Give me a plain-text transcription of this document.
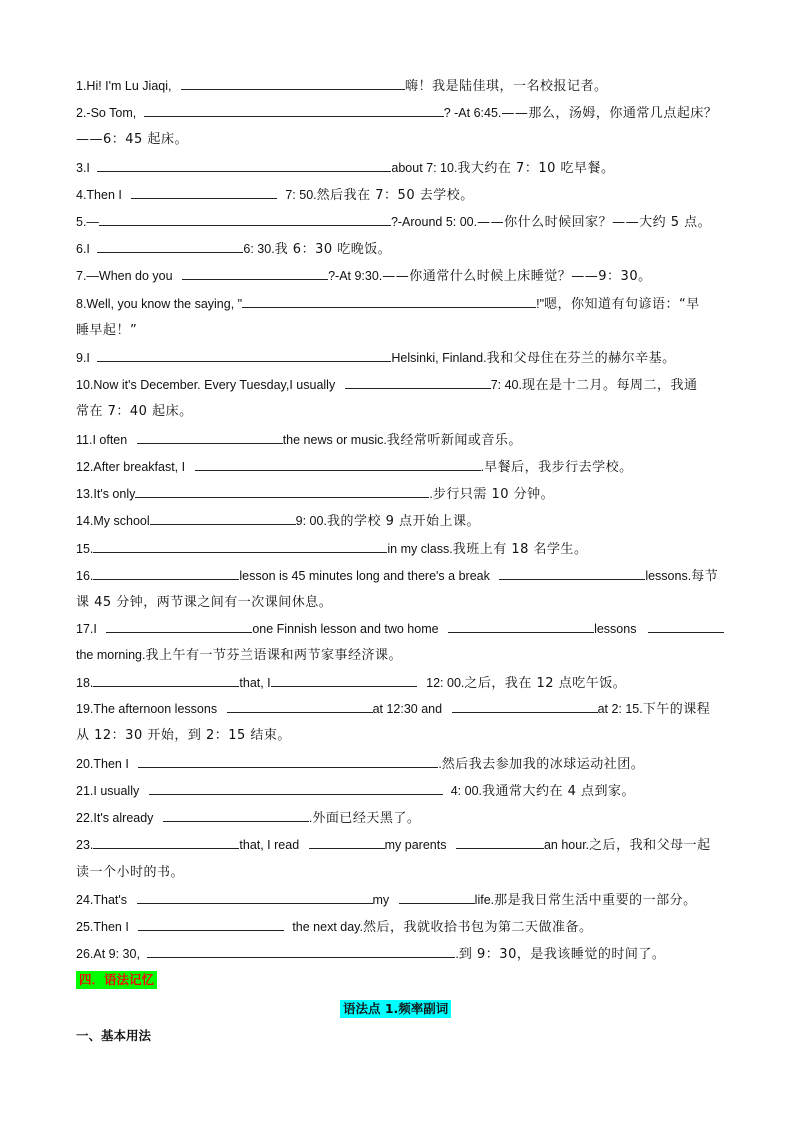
1.Hi! I'm Lu Jiaqi,	嗨！我是陆佳琪，一名校报记者。
2.-So Tom,	? -At 6:45.——那么，汤姆，你通常几点起床？
——6：45 起床。
3.I	about 7: 10.我大约在 7：10 吃早餐。
4.Then I	7: 50.然后我在 7：50 去学校。
5.—	?-Around 5: 00.——你什么时候回家？——大约 5 点。
6.I	6: 30.我 6：30 吃晚饭。
7.—When do you	?-At 9:30.——你通常什么时候上床睡觉？——9：30。
8.Well, you know the saying, "	!"嗯，你知道有句谚语：“早
睡早起！”
9.I	Helsinki, Finland.我和父母住在芬兰的赫尔辛基。
10.Now it's December. Every Tuesday,I usually	7: 40.现在是十二月。每周二，我通
常在 7：40 起床。
11.I often	the news or music.我经常听新闻或音乐。
12.After breakfast, I	.早餐后，我步行去学校。
13.It's only	.步行只需 10 分钟。
14.My school	9: 00.我的学校 9 点开始上课。
15.	in my class.我班上有 18 名学生。
16.	lesson is 45 minutes long and there's a break	lessons.每节
课 45 分钟，两节课之间有一次课间休息。
17.I	one Finnish lesson and two home	lessons
the morning.我上午有一节芬兰语课和两节家事经济课。
18.	that, I	12: 00.之后，我在 12 点吃午饭。
19.The afternoon lessons	at 12:30 and	at 2: 15.下午的课程
从 12：30 开始，到 2：15 结束。
20.Then I	.然后我去参加我的冰球运动社团。
21.I usually	4: 00.我通常大约在 4 点到家。
22.It's already	.外面已经天黑了。
23.	that, I read	my parents	an hour.之后，我和父母一起
读一个小时的书。
24.That's	my	life.那是我日常生活中重要的一部分。
25.Then I	the next day.然后，我就收拾书包为第二天做准备。
26.At 9: 30,	.到 9：30，是我该睡觉的时间了。
四．语法记忆
语法点 1.频率副词
一、基本用法
